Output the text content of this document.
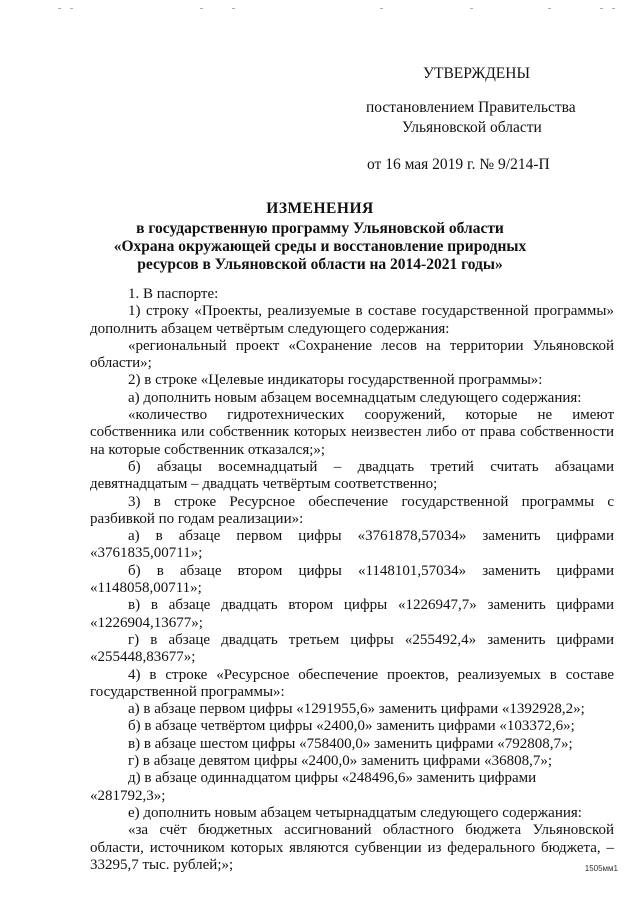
УТВЕРЖДЕНЫ
постановлением Правительства
Ульяновской области
от 16 мая 2019 г. № 9/214-П
ИЗМЕНЕНИЯ
в государственную программу Ульяновской области
«Охрана окружающей среды и восстановление природных
ресурсов в Ульяновской области на 2014-2021 годы»

1. В паспорте:

1) строку «Проекты, реализуемые в составе государственной программы» дополнить абзацем четвёртым следующего содержания:

«региональный проект «Сохранение лесов на территории Ульяновской области»;

2) в строке «Целевые индикаторы государственной программы»:

а) дополнить новым абзацем восемнадцатым следующего содержания:

«количество гидротехнических сооружений, которые не имеют собственника или собственник которых неизвестен либо от права собственности на которые собственник отказался;»;

б) абзацы восемнадцатый – двадцать третий считать абзацами девятнадцатым – двадцать четвёртым соответственно;

3) в строке Ресурсное обеспечение государственной программы с разбивкой по годам реализации»:

а) в абзаце первом цифры «3761878,57034» заменить цифрами «3761835,00711»;

б) в абзаце втором цифры «1148101,57034» заменить цифрами «1148058,00711»;

в) в абзаце двадцать втором цифры «1226947,7» заменить цифрами «1226904,13677»;

г) в абзаце двадцать третьем цифры «255492,4» заменить цифрами «255448,83677»;

4) в строке «Ресурсное обеспечение проектов, реализуемых в составе государственной программы»:

а) в абзаце первом цифры «1291955,6» заменить цифрами «1392928,2»;

б) в абзаце четвёртом цифры «2400,0» заменить цифрами «103372,6»;

в) в абзаце шестом цифры «758400,0» заменить цифрами «792808,7»;

г) в абзаце девятом цифры «2400,0» заменить цифрами «36808,7»;

д) в абзаце одиннадцатом цифры «248496,6» заменить цифрами «281792,3»;

е) дополнить новым абзацем четырнадцатым следующего содержания:

«за счёт бюджетных ассигнований областного бюджета Ульяновской области, источником которых являются субвенции из федерального бюджета, – 33295,7 тыс. рублей;»;	1505мм1
